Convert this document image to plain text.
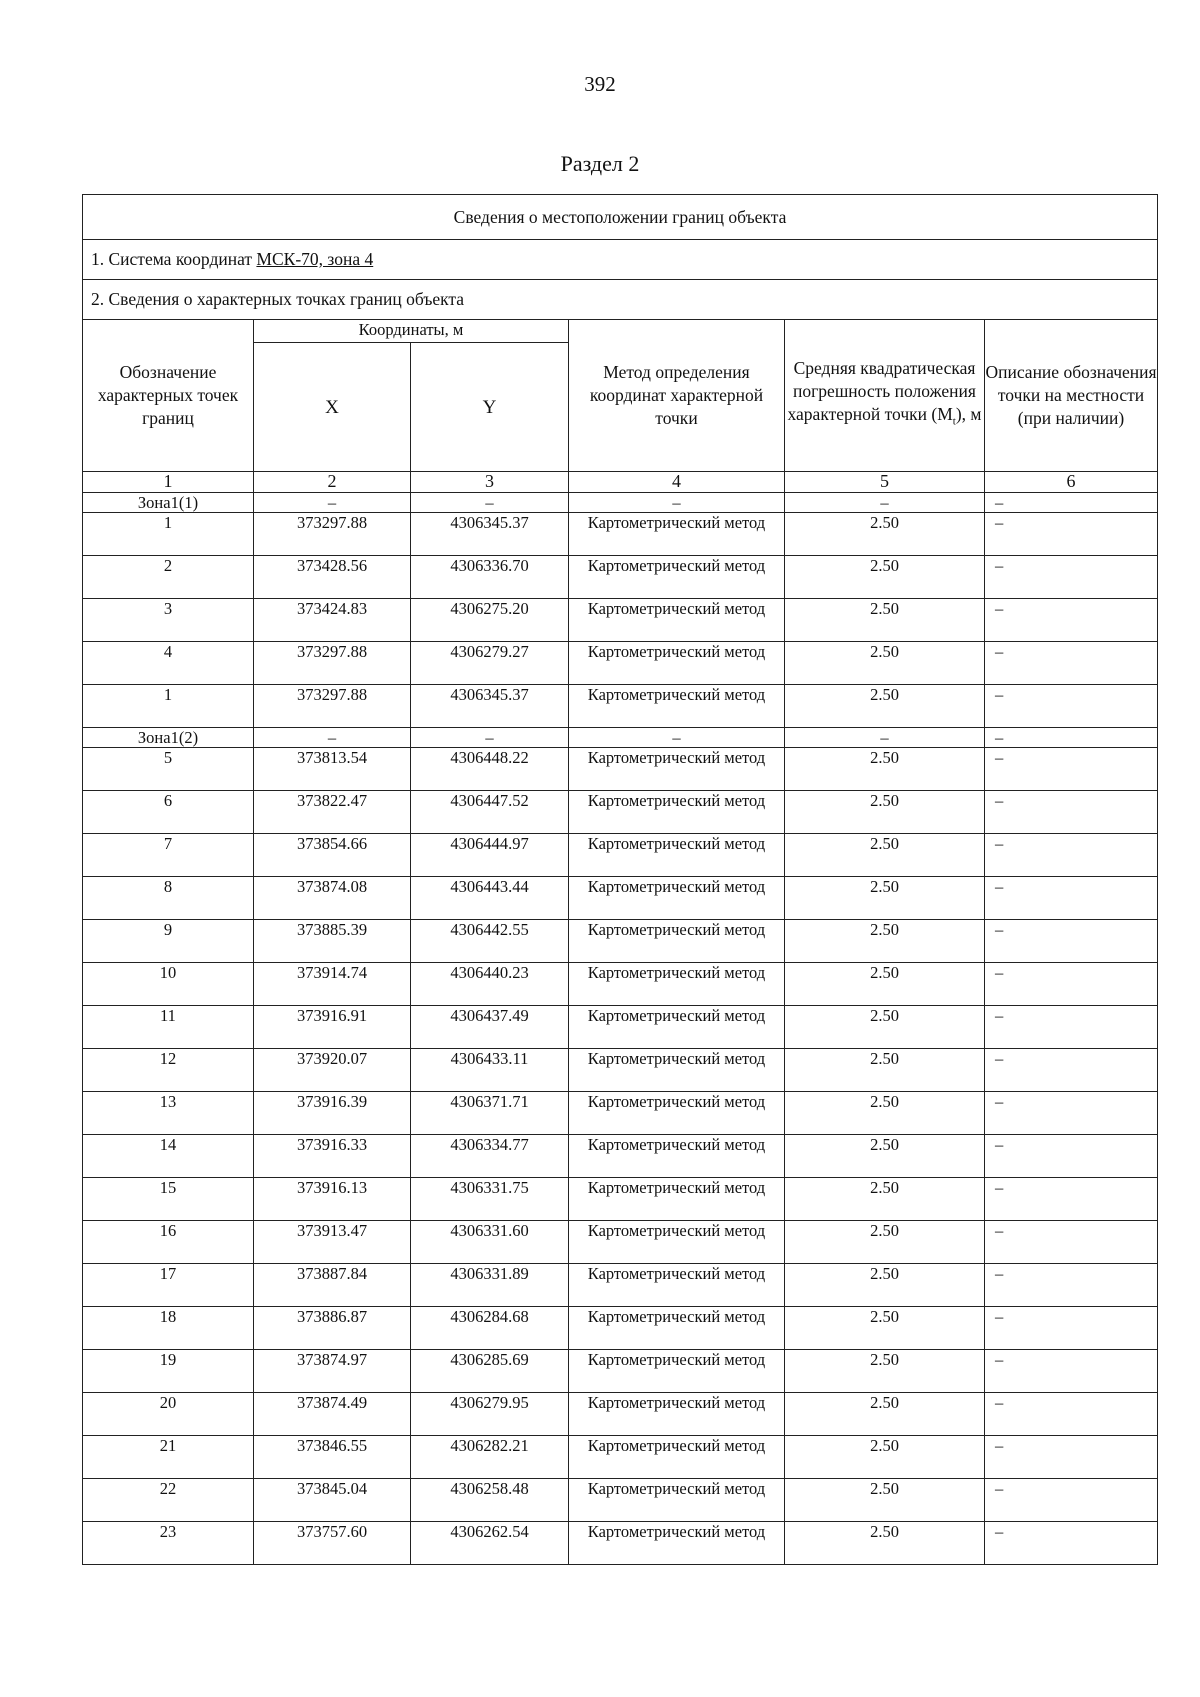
392
Раздел 2
Сведения о местоположении границ объекта					
1. Система координат МСК-70, зона 4					
2. Сведения о характерных точках границ объекта					
Обозначение характерных точек границ	Координаты, м		Метод определения координат характерной точки	Средняя квадратическая погрешность положения характерной точки $(M_t)$, м	Описание обозначения точки на местности (при наличии)
	X	Y			
1	2	3	4	5	6
Зона1(1)	–	–	–	–	–
1	373297.88	4306345.37	Картометрический метод	2.50	–
2	373428.56	4306336.70	Картометрический метод	2.50	–
3	373424.83	4306275.20	Картометрический метод	2.50	–
4	373297.88	4306279.27	Картометрический метод	2.50	–
1	373297.88	4306345.37	Картометрический метод	2.50	–
Зона1(2)	–	–	–	–	–
5	373813.54	4306448.22	Картометрический метод	2.50	–
6	373822.47	4306447.52	Картометрический метод	2.50	–
7	373854.66	4306444.97	Картометрический метод	2.50	–
8	373874.08	4306443.44	Картометрический метод	2.50	–
9	373885.39	4306442.55	Картометрический метод	2.50	–
10	373914.74	4306440.23	Картометрический метод	2.50	–
11	373916.91	4306437.49	Картометрический метод	2.50	–
12	373920.07	4306433.11	Картометрический метод	2.50	–
13	373916.39	4306371.71	Картометрический метод	2.50	–
14	373916.33	4306334.77	Картометрический метод	2.50	–
15	373916.13	4306331.75	Картометрический метод	2.50	–
16	373913.47	4306331.60	Картометрический метод	2.50	–
17	373887.84	4306331.89	Картометрический метод	2.50	–
18	373886.87	4306284.68	Картометрический метод	2.50	–
19	373874.97	4306285.69	Картометрический метод	2.50	–
20	373874.49	4306279.95	Картометрический метод	2.50	–
21	373846.55	4306282.21	Картометрический метод	2.50	–
22	373845.04	4306258.48	Картометрический метод	2.50	–
23	373757.60	4306262.54	Картометрический метод	2.50	–
